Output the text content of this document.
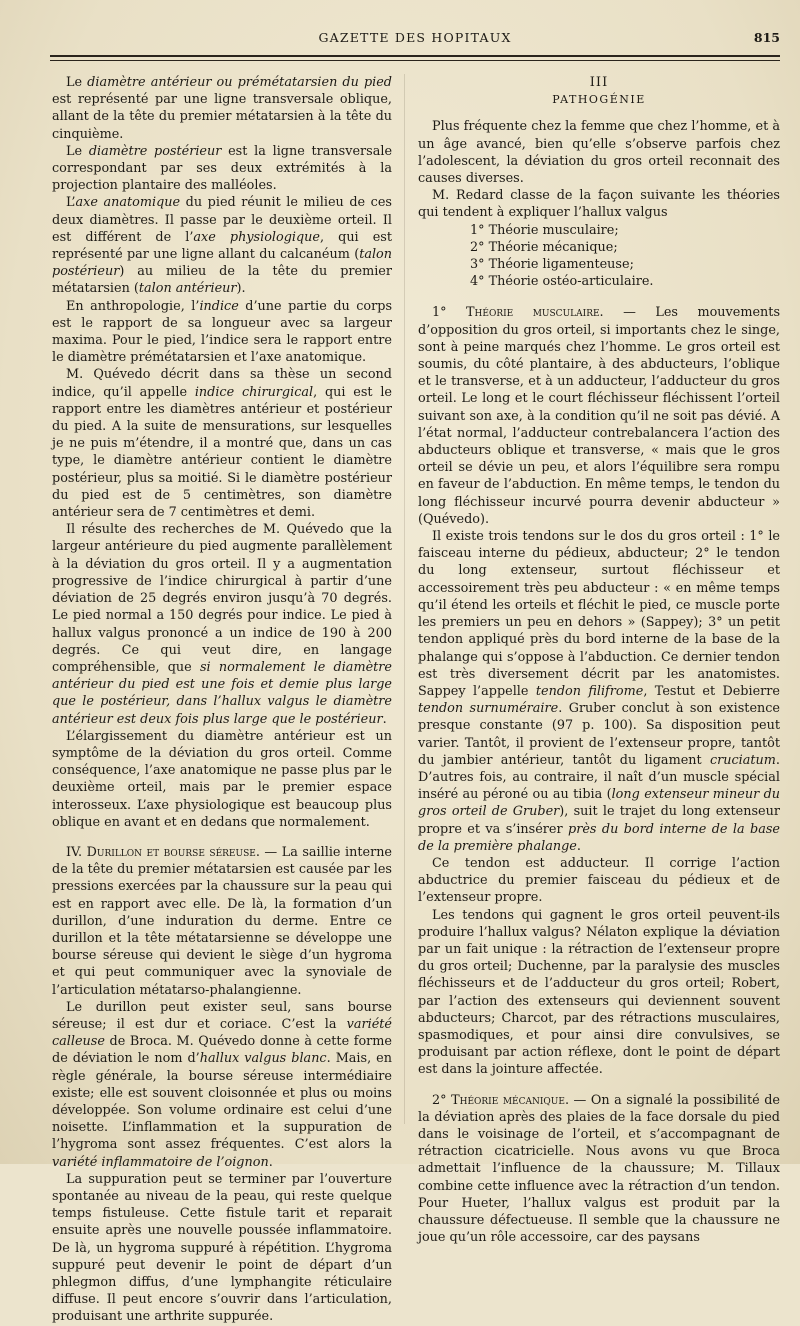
GAZETTE DES HOPITAUX	815

Le diamètre antérieur ou prémétatarsien du pied est représenté par une ligne transversale oblique, allant de la tête du premier métatarsien à la tête du cinquième.

Le diamètre postérieur est la ligne transversale correspondant par ses deux extrémités à la projection plantaire des malléoles.

L’axe anatomique du pied réunit le milieu de ces deux diamètres. Il passe par le deuxième orteil. Il est différent de l’axe physiologique, qui est représenté par une ligne allant du calcanéum (talon postérieur) au milieu de la tête du premier métatarsien (talon antérieur).

En anthropologie, l’indice d’une partie du corps est le rapport de sa longueur avec sa largeur maxima. Pour le pied, l’indice sera le rapport entre le diamètre prémétatarsien et l’axe anatomique.

M. Quévedo décrit dans sa thèse un second indice, qu’il appelle indice chirurgical, qui est le rapport entre les diamètres antérieur et postérieur du pied. A la suite de mensurations, sur lesquelles je ne puis m’étendre, il a montré que, dans un cas type, le diamètre antérieur contient le diamètre postérieur, plus sa moitié. Si le diamètre postérieur du pied est de 5 centimètres, son diamètre antérieur sera de 7 centimètres et demi.

Il résulte des recherches de M. Quévedo que la largeur antérieure du pied augmente parallèlement à la déviation du gros orteil. Il y a augmentation progressive de l’indice chirurgical à partir d’une déviation de 25 degrés environ jusqu’à 70 degrés. Le pied normal a 150 degrés pour indice. Le pied à hallux valgus prononcé a un indice de 190 à 200 degrés. Ce qui veut dire, en langage compréhensible, que si normalement le diamètre antérieur du pied est une fois et demie plus large que le postérieur, dans l’hallux valgus le diamètre antérieur est deux fois plus large que le postérieur.

L’élargissement du diamètre antérieur est un symptôme de la déviation du gros orteil. Comme conséquence, l’axe anatomique ne passe plus par le deuxième orteil, mais par le premier espace interosseux. L’axe physiologique est beaucoup plus oblique en avant et en dedans que normalement.

IV. Durillon et bourse séreuse. — La saillie interne de la tête du premier métatarsien est causée par les pressions exercées par la chaussure sur la peau qui est en rapport avec elle. De là, la formation d’un durillon, d’une induration du derme. Entre ce durillon et la tête métatarsienne se développe une bourse séreuse qui devient le siège d’un hygroma et qui peut communiquer avec la synoviale de l’articulation métatarso-phalangienne.

Le durillon peut exister seul, sans bourse séreuse; il est dur et coriace. C’est la variété calleuse de Broca. M. Quévedo donne à cette forme de déviation le nom d’hallux valgus blanc. Mais, en règle générale, la bourse séreuse intermédiaire existe; elle est souvent cloisonnée et plus ou moins développée. Son volume ordinaire est celui d’une noisette. L’inflammation et la suppuration de l’hygroma sont assez fréquentes. C’est alors la variété inflammatoire de l’oignon.

La suppuration peut se terminer par l’ouverture spontanée au niveau de la peau, qui reste quelque temps fistuleuse. Cette fistule tarit et reparait ensuite après une nouvelle poussée inflammatoire. De là, un hygroma suppuré à répétition. L’hygroma suppuré peut devenir le point de départ d’un phlegmon diffus, d’une lymphangite réticulaire diffuse. Il peut encore s’ouvrir dans l’articulation, produisant une arthrite suppurée.

III
PATHOGÉNIE

Plus fréquente chez la femme que chez l’homme, et à un âge avancé, bien qu’elle s’observe parfois chez l’adolescent, la déviation du gros orteil reconnait des causes diverses.

M. Redard classe de la façon suivante les théories qui tendent à expliquer l’hallux valgus

1° Théorie musculaire;
2° Théorie mécanique;
3° Théorie ligamenteuse;
4° Théorie ostéo-articulaire.

1° Théorie musculaire. — Les mouvements d’opposition du gros orteil, si importants chez le singe, sont à peine marqués chez l’homme. Le gros orteil est soumis, du côté plantaire, à des abducteurs, l’oblique et le transverse, et à un adducteur, l’adducteur du gros orteil. Le long et le court fléchisseur fléchissent l’orteil suivant son axe, à la condition qu’il ne soit pas dévié. A l’état normal, l’adducteur contrebalancera l’action des abducteurs oblique et transverse, « mais que le gros orteil se dévie un peu, et alors l’équilibre sera rompu en faveur de l’abduction. En même temps, le tendon du long fléchisseur incurvé pourra devenir abducteur » (Quévedo).

Il existe trois tendons sur le dos du gros orteil : 1° le faisceau interne du pédieux, abducteur; 2° le tendon du long extenseur, surtout fléchisseur et accessoirement très peu abducteur : « en même temps qu’il étend les orteils et fléchit le pied, ce muscle porte les premiers un peu en dehors » (Sappey); 3° un petit tendon appliqué près du bord interne de la base de la phalange qui s’oppose à l’abduction. Ce dernier tendon est très diversement décrit par les anatomistes. Sappey l’appelle tendon filifrome, Testut et Debierre tendon surnuméraire. Gruber conclut à son existence presque constante (97 p. 100). Sa disposition peut varier. Tantôt, il provient de l’extenseur propre, tantôt du jambier antérieur, tantôt du ligament cruciatum. D’autres fois, au contraire, il naît d’un muscle spécial inséré au péroné ou au tibia (long extenseur mineur du gros orteil de Gruber), suit le trajet du long extenseur propre et va s’insérer près du bord interne de la base de la première phalange.

Ce tendon est adducteur. Il corrige l’action abductrice du premier faisceau du pédieux et de l’extenseur propre.

Les tendons qui gagnent le gros orteil peuvent-ils produire l’hallux valgus? Nélaton explique la déviation par un fait unique : la rétraction de l’extenseur propre du gros orteil; Duchenne, par la paralysie des muscles fléchisseurs et de l’adducteur du gros orteil; Robert, par l’action des extenseurs qui deviennent souvent abducteurs; Charcot, par des rétractions musculaires, spasmodiques, et pour ainsi dire convulsives, se produisant par action réflexe, dont le point de départ est dans la jointure affectée.

2° Théorie mécanique. — On a signalé la possibilité de la déviation après des plaies de la face dorsale du pied dans le voisinage de l’orteil, et s’accompagnant de rétraction cicatricielle. Nous avons vu que Broca admettait l’influence de la chaussure; M. Tillaux combine cette influence avec la rétraction d’un tendon. Pour Hueter, l’hallux valgus est produit par la chaussure défectueuse. Il semble que la chaussure ne joue qu’un rôle accessoire, car des paysans
